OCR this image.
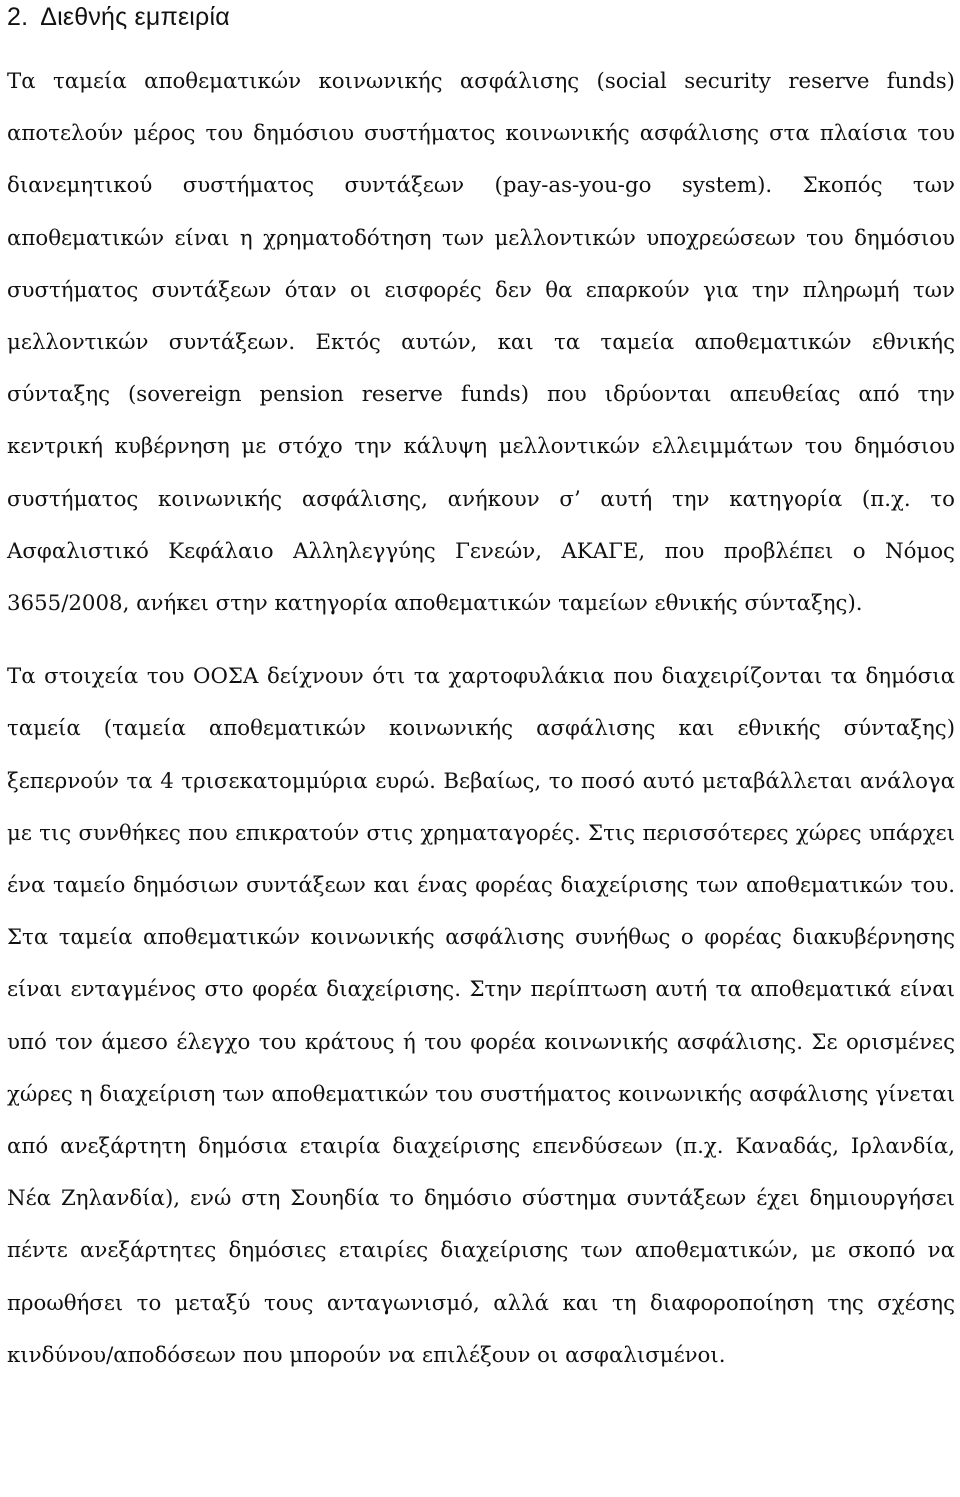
2. Διεθνής εμπειρία

Τα ταμεία αποθεματικών κοινωνικής ασφάλισης (social security reserve funds) αποτελούν μέρος του δημόσιου συστήματος κοινωνικής ασφάλισης στα πλαίσια του διανεμητικού συστήματος συντάξεων (pay-as-you-go system). Σκοπός των αποθεματικών είναι η χρηματοδότηση των μελλοντικών υποχρεώσεων του δημόσιου συστήματος συντάξεων όταν οι εισφορές δεν θα επαρκούν για την πληρωμή των μελλοντικών συντάξεων. Εκτός αυτών, και τα ταμεία αποθεματικών εθνικής σύνταξης (sovereign pension reserve funds) που ιδρύονται απευθείας από την κεντρική κυβέρνηση με στόχο την κάλυψη μελλοντικών ελλειμμάτων του δημόσιου συστήματος κοινωνικής ασφάλισης, ανήκουν σ’ αυτή την κατηγορία (π.χ. το Ασφαλιστικό Κεφάλαιο Αλληλεγγύης Γενεών, ΑΚΑΓΕ, που προβλέπει ο Νόμος 3655/2008, ανήκει στην κατηγορία αποθεματικών ταμείων εθνικής σύνταξης).

Τα στοιχεία του ΟΟΣΑ δείχνουν ότι τα χαρτοφυλάκια που διαχειρίζονται τα δημόσια ταμεία (ταμεία αποθεματικών κοινωνικής ασφάλισης και εθνικής σύνταξης) ξεπερνούν τα 4 τρισεκατομμύρια ευρώ. Βεβαίως, το ποσό αυτό μεταβάλλεται ανάλογα με τις συνθήκες που επικρατούν στις χρηματαγορές. Στις περισσότερες χώρες υπάρχει ένα ταμείο δημόσιων συντάξεων και ένας φορέας διαχείρισης των αποθεματικών του. Στα ταμεία αποθεματικών κοινωνικής ασφάλισης συνήθως ο φορέας διακυβέρνησης είναι ενταγμένος στο φορέα διαχείρισης. Στην περίπτωση αυτή τα αποθεματικά είναι υπό τον άμεσο έλεγχο του κράτους ή του φορέα κοινωνικής ασφάλισης. Σε ορισμένες χώρες η διαχείριση των αποθεματικών του συστήματος κοινωνικής ασφάλισης γίνεται από ανεξάρτητη δημόσια εταιρία διαχείρισης επενδύσεων (π.χ. Καναδάς, Ιρλανδία, Νέα Ζηλανδία), ενώ στη Σουηδία το δημόσιο σύστημα συντάξεων έχει δημιουργήσει πέντε ανεξάρτητες δημόσιες εταιρίες διαχείρισης των αποθεματικών, με σκοπό να προωθήσει το μεταξύ τους ανταγωνισμό, αλλά και τη διαφοροποίηση της σχέσης κινδύνου/αποδόσεων που μπορούν να επιλέξουν οι ασφαλισμένοι.
